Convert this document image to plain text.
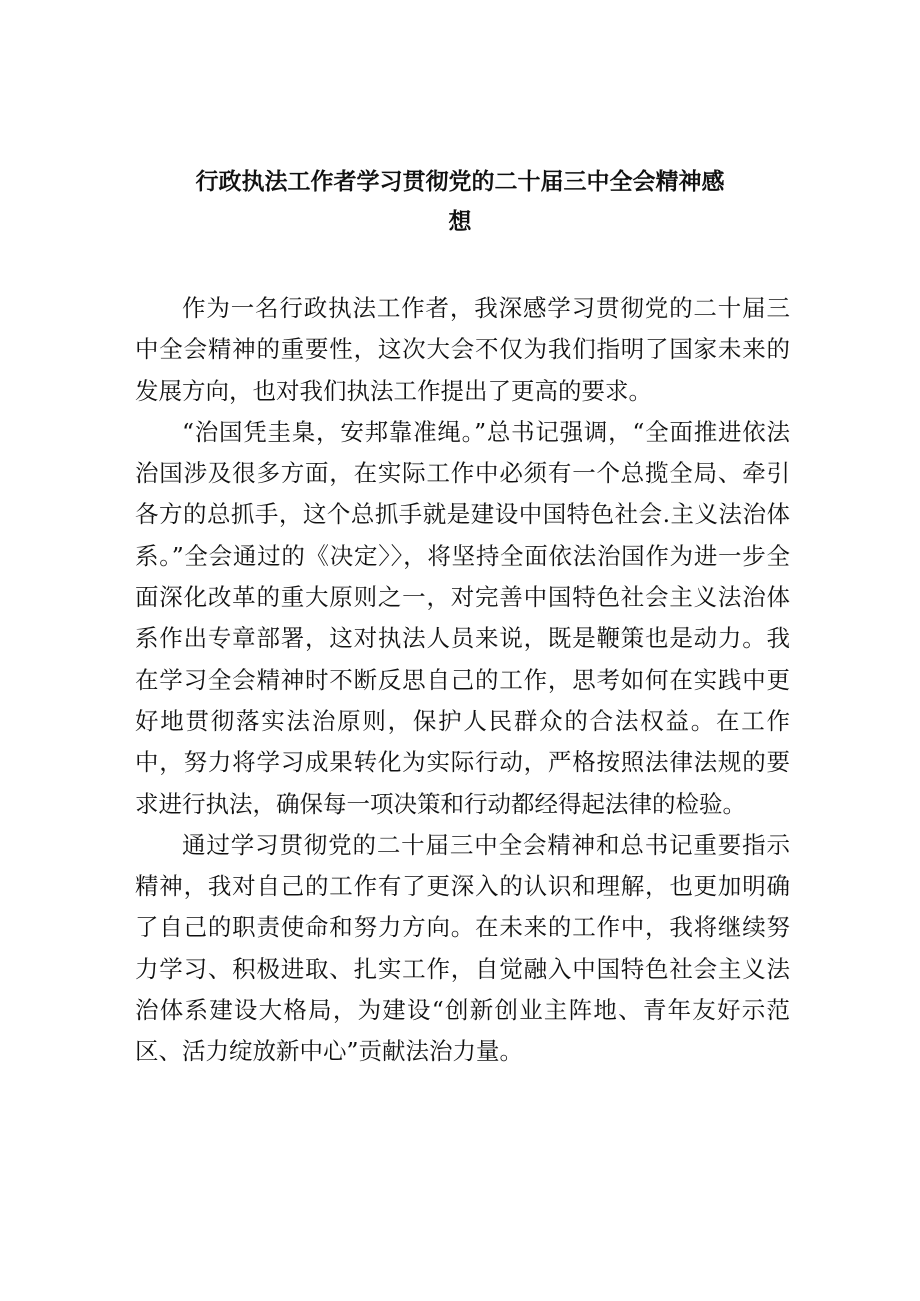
行政执法工作者学习贯彻党的二十届三中全会精神感
想

作为一名行政执法工作者，我深感学习贯彻党的二十届三中全会精神的重要性，这次大会不仅为我们指明了国家未来的发展方向，也对我们执法工作提出了更高的要求。

“治国凭圭臬，安邦靠准绳。”总书记强调，“全面推进依法治国涉及很多方面，在实际工作中必须有一个总揽全局、牵引各方的总抓手，这个总抓手就是建设中国特色社会.主义法治体系。”全会通过的《决定〉〉，将坚持全面依法治国作为进一步全面深化改革的重大原则之一，对完善中国特色社会主义法治体系作出专章部署，这对执法人员来说，既是鞭策也是动力。我在学习全会精神时不断反思自己的工作，思考如何在实践中更好地贯彻落实法治原则，保护人民群众的合法权益。在工作中，努力将学习成果转化为实际行动，严格按照法律法规的要求进行执法，确保每一项决策和行动都经得起法律的检验。

通过学习贯彻党的二十届三中全会精神和总书记重要指示精神，我对自己的工作有了更深入的认识和理解，也更加明确了自己的职责使命和努力方向。在未来的工作中，我将继续努力学习、积极进取、扎实工作，自觉融入中国特色社会主义法治体系建设大格局，为建设“创新创业主阵地、青年友好示范区、活力绽放新中心”贡献法治力量。
